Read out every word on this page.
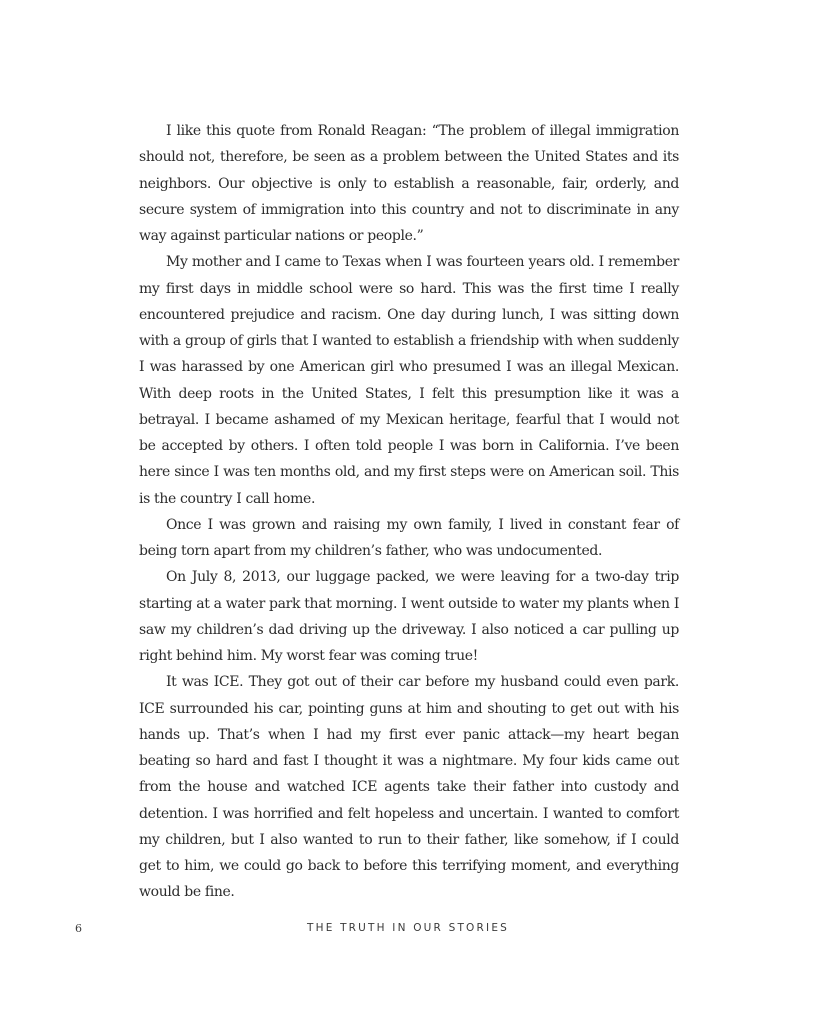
I like this quote from Ronald Reagan: “The problem of illegal immigration should not, therefore, be seen as a problem between the United States and its neighbors. Our objective is only to establish a reasonable, fair, orderly, and secure system of immigration into this country and not to discriminate in any way against particular nations or people.”

My mother and I came to Texas when I was fourteen years old. I remember my first days in middle school were so hard. This was the first time I really encountered prejudice and racism. One day during lunch, I was sitting down with a group of girls that I wanted to establish a friendship with when suddenly I was harassed by one American girl who presumed I was an illegal Mexican. With deep roots in the United States, I felt this presumption like it was a betrayal. I became ashamed of my Mexican heritage, fearful that I would not be accepted by others. I often told people I was born in California. I’ve been here since I was ten months old, and my first steps were on American soil. This is the country I call home.

Once I was grown and raising my own family, I lived in constant fear of being torn apart from my children’s father, who was undocumented.

On July 8, 2013, our luggage packed, we were leaving for a two-day trip starting at a water park that morning. I went outside to water my plants when I saw my children’s dad driving up the driveway. I also noticed a car pulling up right behind him. My worst fear was coming true!

It was ICE. They got out of their car before my husband could even park. ICE surrounded his car, pointing guns at him and shouting to get out with his hands up. That’s when I had my first ever panic attack—my heart began beating so hard and fast I thought it was a nightmare. My four kids came out from the house and watched ICE agents take their father into custody and detention. I was horrified and felt hopeless and uncertain. I wanted to comfort my children, but I also wanted to run to their father, like somehow, if I could get to him, we could go back to before this terrifying moment, and everything would be fine.

6	THE TRUTH IN OUR STORIES
